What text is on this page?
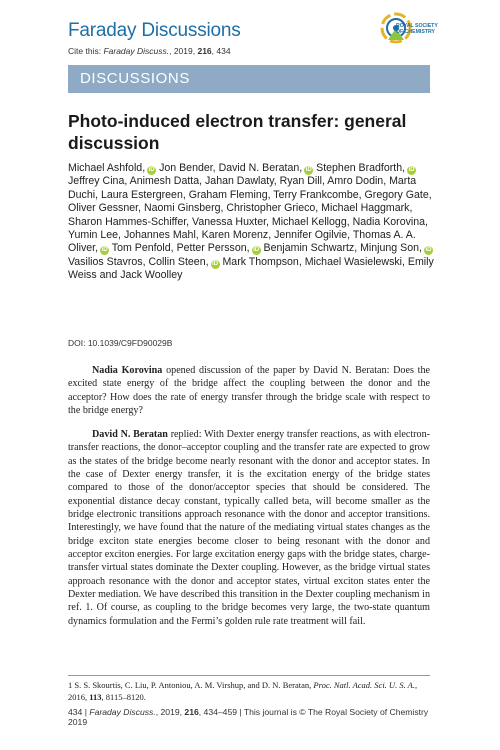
Faraday Discussions
Cite this: Faraday Discuss., 2019, 216, 434
ROYAL SOCIETY
OF CHEMISTRY
DISCUSSIONS
Photo-induced electron transfer: general discussion
Michael Ashfold, iD Jon Bender, David N. Beratan, iD Stephen Bradforth, iD Jeffrey Cina, Animesh Datta, Jahan Dawlaty, Ryan Dill, Amro Dodin, Marta Duchi, Laura Estergreen, Graham Fleming, Terry Frankcombe, Gregory Gate, Oliver Gessner, Naomi Ginsberg, Christopher Grieco, Michael Haggmark, Sharon Hammes-Schiffer, Vanessa Huxter, Michael Kellogg, Nadia Korovina, Yumin Lee, Johannes Mahl, Karen Morenz, Jennifer Ogilvie, Thomas A. A. Oliver, iD Tom Penfold, Petter Persson, iD Benjamin Schwartz, Minjung Son, iD Vasilios Stavros, Collin Steen, iD Mark Thompson, Michael Wasielewski, Emily Weiss and Jack Woolley
DOI: 10.1039/C9FD90029B

Nadia Korovina opened discussion of the paper by David N. Beratan: Does the excited state energy of the bridge affect the coupling between the donor and the acceptor? How does the rate of energy transfer through the bridge scale with respect to the bridge energy?

David N. Beratan replied: With Dexter energy transfer reactions, as with electron-transfer reactions, the donor–acceptor coupling and the transfer rate are expected to grow as the states of the bridge become nearly resonant with the donor and acceptor states. In the case of Dexter energy transfer, it is the excitation energy of the bridge states compared to those of the donor/acceptor species that should be considered. The exponential distance decay constant, typically called beta, will become smaller as the bridge electronic transitions approach resonance with the donor and acceptor transitions. Interestingly, we have found that the nature of the mediating virtual states changes as the bridge exciton state energies become closer to being resonant with the donor and acceptor exciton energies. For large excitation energy gaps with the bridge states, charge-transfer virtual states dominate the Dexter coupling. However, as the bridge virtual states approach resonance with the donor and acceptor states, virtual exciton states enter the Dexter mediation. We have described this transition in the Dexter coupling mechanism in ref. 1. Of course, as coupling to the bridge becomes very large, the two-state quantum dynamics formulation and the Fermi’s golden rule rate treatment will fail.

1 S. S. Skourtis, C. Liu, P. Antoniou, A. M. Virshup, and D. N. Beratan, Proc. Natl. Acad. Sci. U. S. A., 2016, 113, 8115–8120.
434 | Faraday Discuss., 2019, 216, 434–459 | This journal is © The Royal Society of Chemistry 2019
